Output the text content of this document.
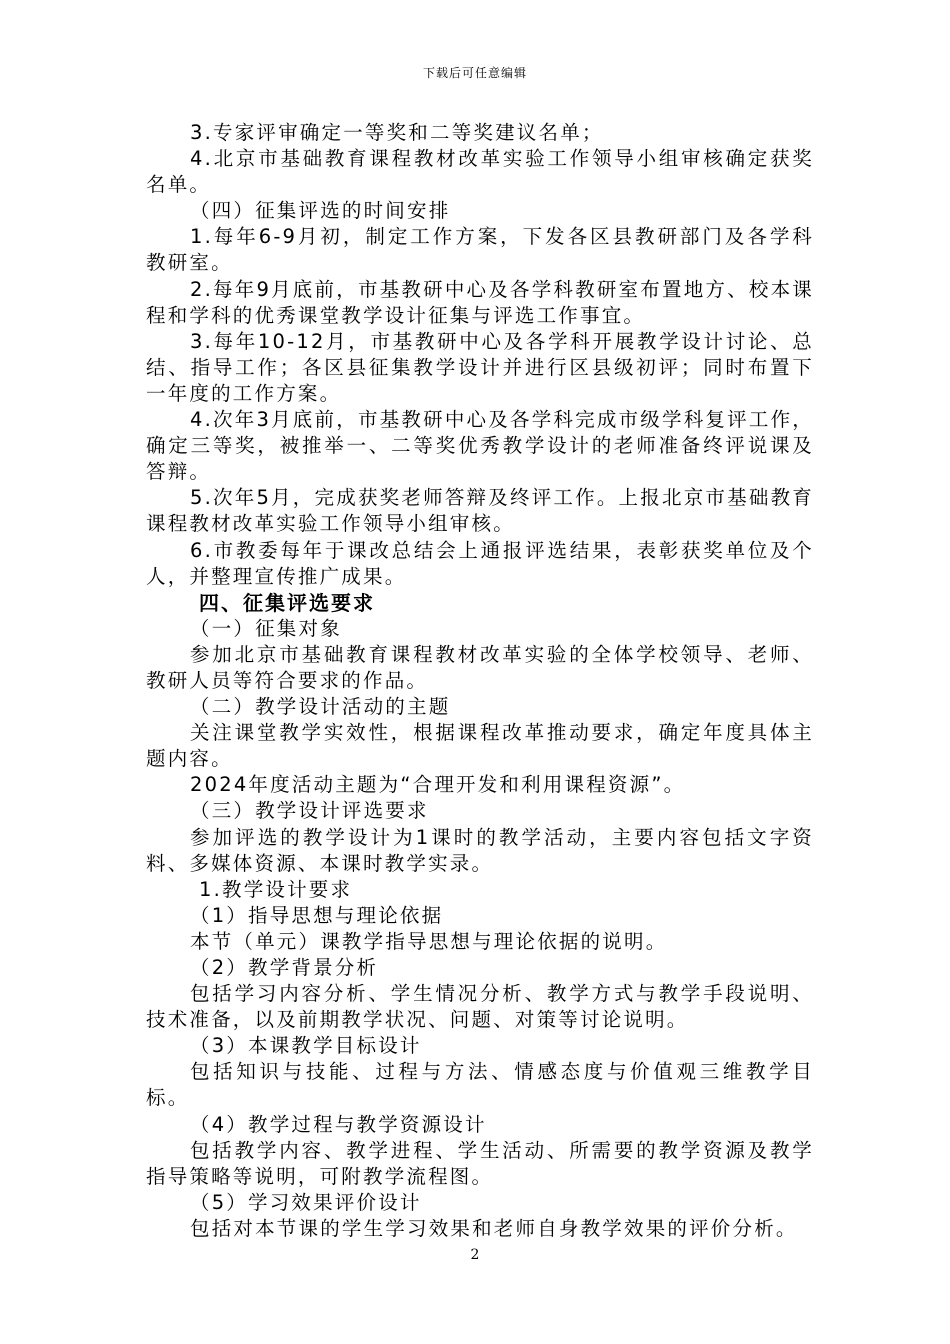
下载后可任意编辑

3.专家评审确定一等奖和二等奖建议名单；

4.北京市基础教育课程教材改革实验工作领导小组审核确定获奖名单。

（四）征集评选的时间安排

1.每年6-9月初，制定工作方案，下发各区县教研部门及各学科教研室。

2.每年9月底前，市基教研中心及各学科教研室布置地方、校本课程和学科的优秀课堂教学设计征集与评选工作事宜。

3.每年10-12月，市基教研中心及各学科开展教学设计讨论、总结、指导工作；各区县征集教学设计并进行区县级初评；同时布置下一年度的工作方案。

4.次年3月底前，市基教研中心及各学科完成市级学科复评工作，确定三等奖，被推举一、二等奖优秀教学设计的老师准备终评说课及答辩。

5.次年5月，完成获奖老师答辩及终评工作。上报北京市基础教育课程教材改革实验工作领导小组审核。

6.市教委每年于课改总结会上通报评选结果，表彰获奖单位及个人，并整理宣传推广成果。

四、征集评选要求

（一）征集对象

参加北京市基础教育课程教材改革实验的全体学校领导、老师、教研人员等符合要求的作品。

（二）教学设计活动的主题

关注课堂教学实效性，根据课程改革推动要求，确定年度具体主题内容。

2024年度活动主题为“合理开发和利用课程资源”。

（三）教学设计评选要求

参加评选的教学设计为1课时的教学活动，主要内容包括文字资料、多媒体资源、本课时教学实录。

1.教学设计要求

（1）指导思想与理论依据

本节（单元）课教学指导思想与理论依据的说明。

（2）教学背景分析

包括学习内容分析、学生情况分析、教学方式与教学手段说明、技术准备，以及前期教学状况、问题、对策等讨论说明。

（3）本课教学目标设计

包括知识与技能、过程与方法、情感态度与价值观三维教学目标。

（4）教学过程与教学资源设计

包括教学内容、教学进程、学生活动、所需要的教学资源及教学指导策略等说明，可附教学流程图。

（5）学习效果评价设计

包括对本节课的学生学习效果和老师自身教学效果的评价分析。

2
